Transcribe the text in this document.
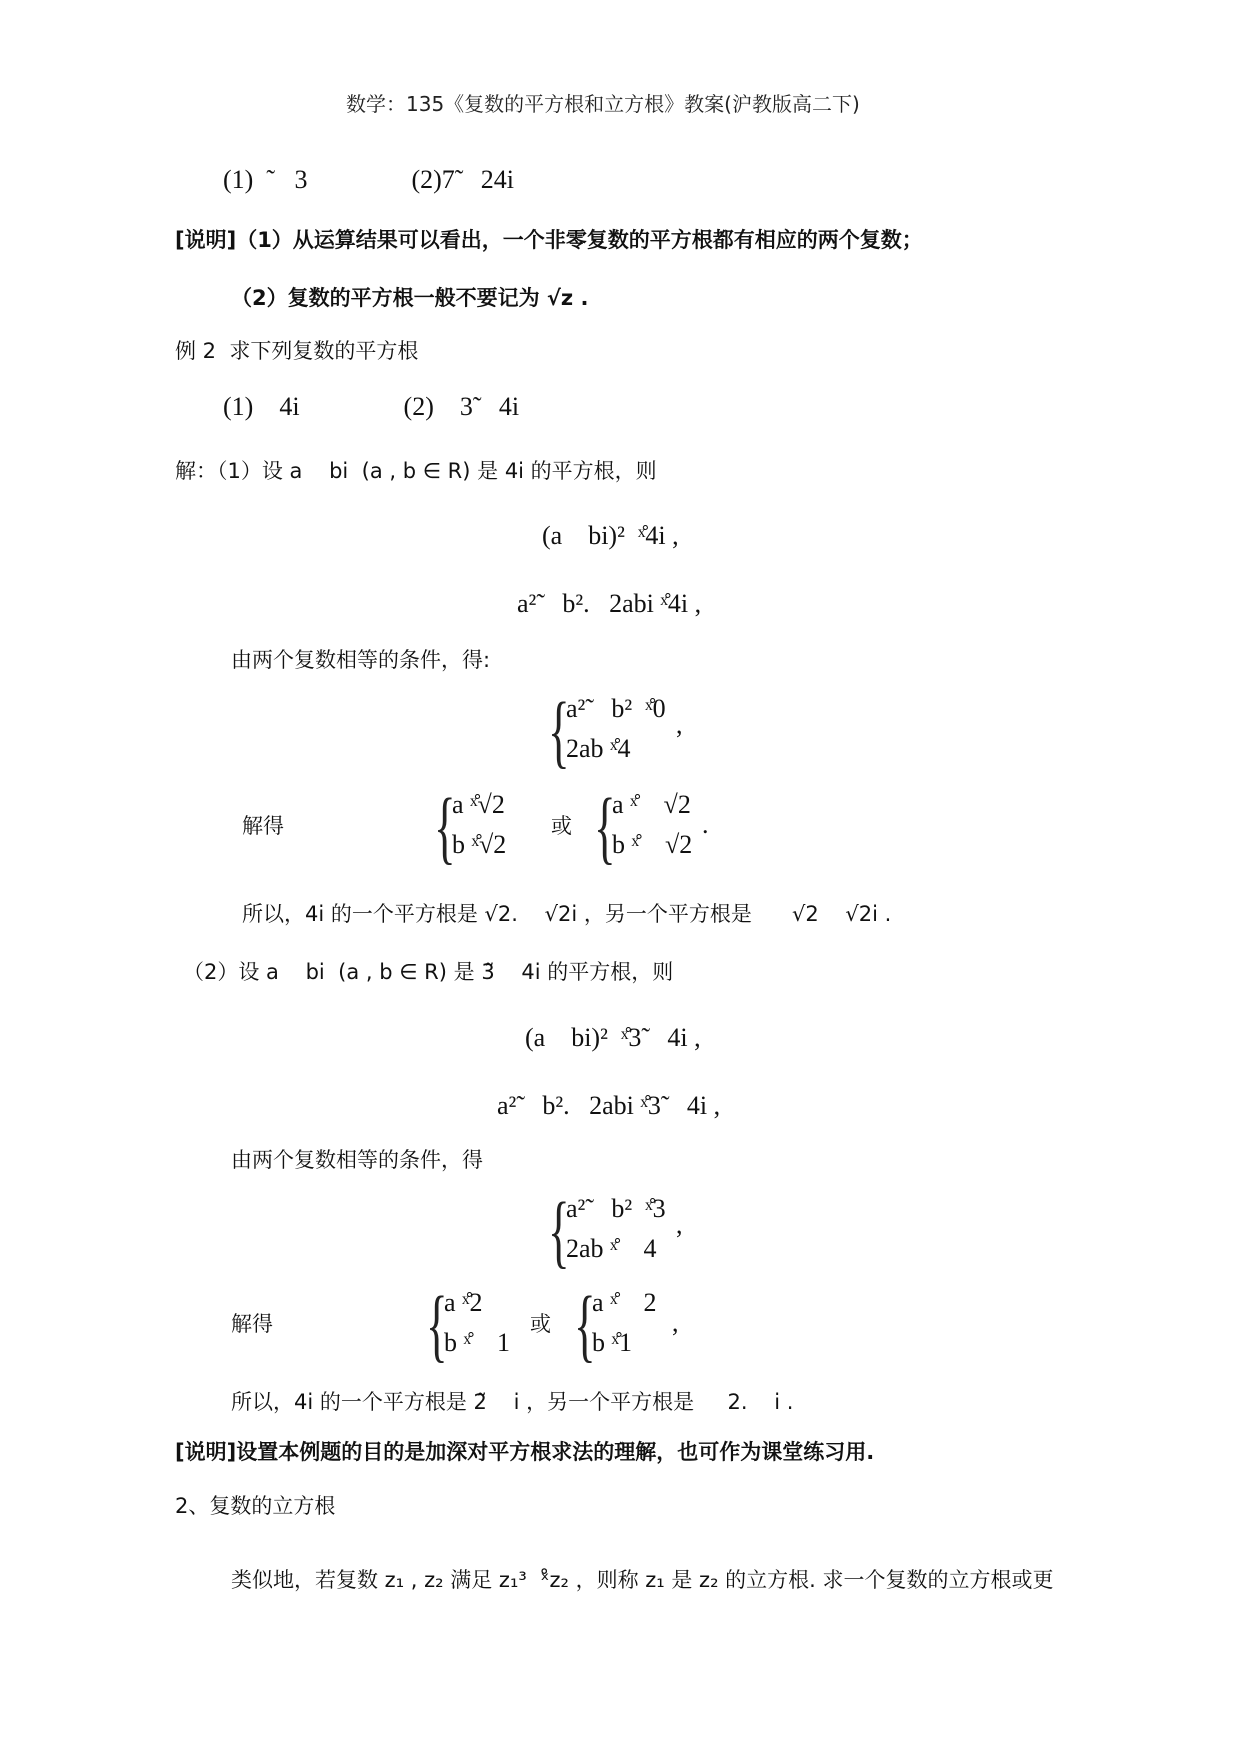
数学：135《复数的平方根和立方根》教案(沪教版高二下)
(1)  ˜   3                (2)7̃    24i
[说明]（1）从运算结果可以看出，一个非零复数的平方根都有相应的两个复数；
（2）复数的平方根一般不要记为 √z .
例 2  求下列复数的平方根
(1)    4i                (2)    3̃    4i
解：（1）设 a    bi  (a , b ∈ R) 是 4i 的平方根，则
(a    bi)²  ˣ̊4i ,
a²̃    b².   2abi ˣ̊4i ,
由两个复数相等的条件，得:
{
a²̃    b²  ˣ̊0
2ab ˣ̊4
,
解得 {
a ˣ̊√2
b ˣ̊√2
或 {
a ˣ̊    √2
b ˣ̊    √2
.
所以，4i 的一个平方根是 √2.    √2i ，另一个平方根是      √2    √2i .
（2）设 a    bi  (a , b ∈ R) 是 3̃    4i 的平方根，则
(a    bi)²  ˣ̊3̃    4i ,
a²̃    b².   2abi ˣ̊3̃    4i ,
由两个复数相等的条件，得
{
a²̃    b²  ˣ̊3
2ab ˣ̊    4
,
解得 {
a ˣ̊2
b ˣ̊    1
或 {
a ˣ̊    2
b ˣ̊1
,
所以，4i 的一个平方根是 2̃    i ，另一个平方根是     2.    i .
[说明]设置本例题的目的是加深对平方根求法的理解，也可作为课堂练习用.
2、复数的立方根
类似地，若复数 z₁ , z₂ 满足 z₁³  ˣ̊z₂ ，则称 z₁ 是 z₂ 的立方根. 求一个复数的立方根或更
